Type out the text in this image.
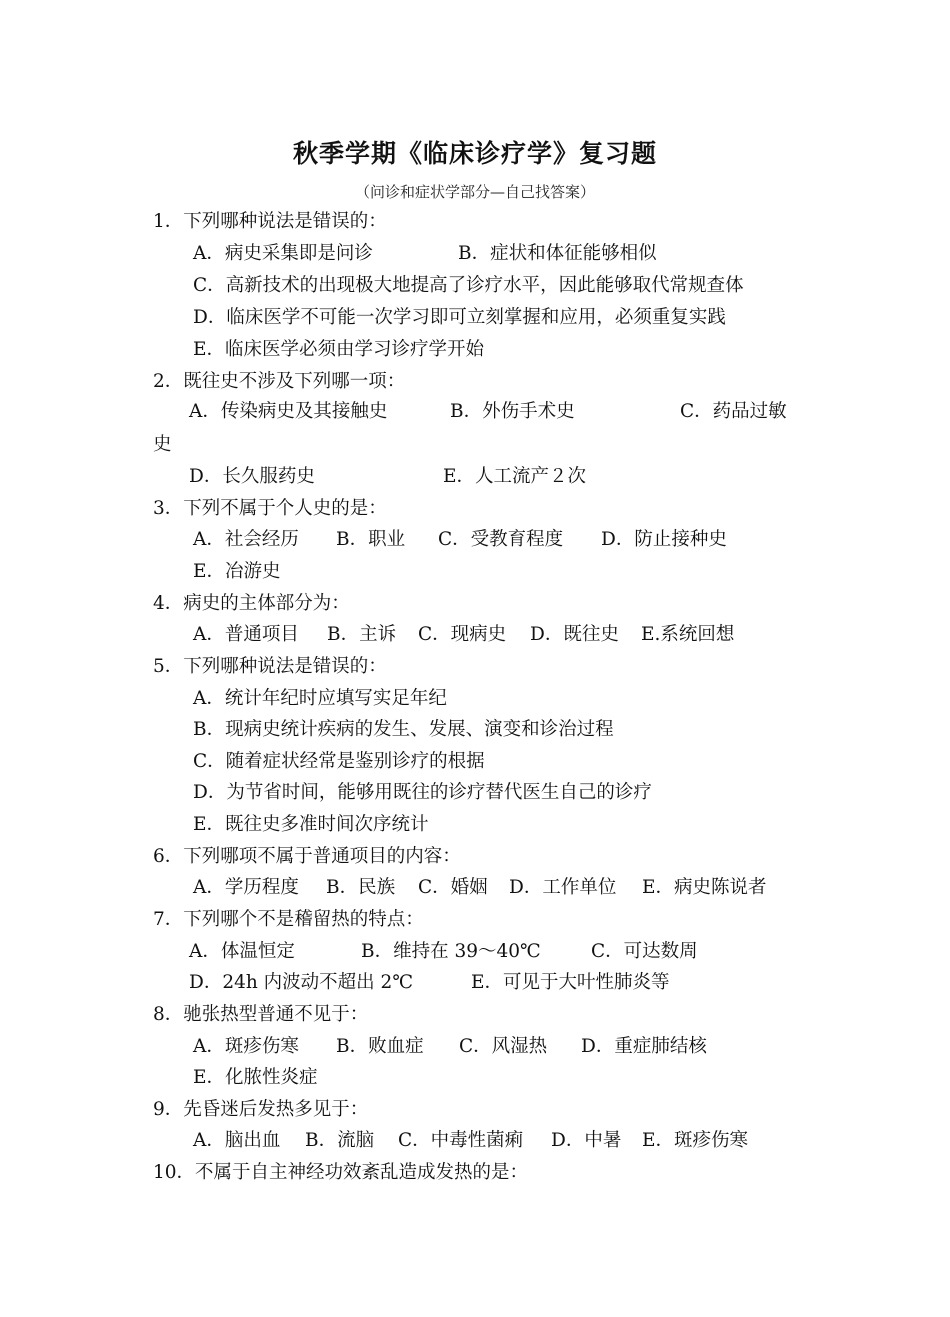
秋季学期《临床诊疗学》复习题
（问诊和症状学部分—自己找答案）
1．下列哪种说法是错误的：
A．病史采集即是问诊	B．症状和体征能够相似
C．高新技术的出现极大地提高了诊疗水平，因此能够取代常规查体
D．临床医学不可能一次学习即可立刻掌握和应用，必须重复实践
E．临床医学必须由学习诊疗学开始
2．既往史不涉及下列哪一项：
A．传染病史及其接触史	B．外伤手术史	C．药品过敏
史
D．长久服药史	E．人工流产２次
3．下列不属于个人史的是：
A．社会经历 B．职业 C．受教育程度 D．防止接种史
E．冶游史
4．病史的主体部分为：
A．普通项目 B．主诉 C．现病史 D．既往史 E.系统回想
5．下列哪种说法是错误的：
A．统计年纪时应填写实足年纪
B．现病史统计疾病的发生、发展、演变和诊治过程
C．随着症状经常是鉴别诊疗的根据
D．为节省时间，能够用既往的诊疗替代医生自己的诊疗
E．既往史多准时间次序统计
6．下列哪项不属于普通项目的内容：
A．学历程度 B．民族 C．婚姻 D．工作单位 E．病史陈说者
7．下列哪个不是稽留热的特点：
A．体温恒定	B．维持在 39～40℃	C．可达数周
D．24h 内波动不超出 2℃	E．可见于大叶性肺炎等
8．驰张热型普通不见于：
A．斑疹伤寒 B．败血症 C．风湿热 D．重症肺结核
E．化脓性炎症
9．先昏迷后发热多见于：
A．脑出血 B．流脑 C．中毒性菌痢 D．中暑 E．斑疹伤寒
10．不属于自主神经功效紊乱造成发热的是：
